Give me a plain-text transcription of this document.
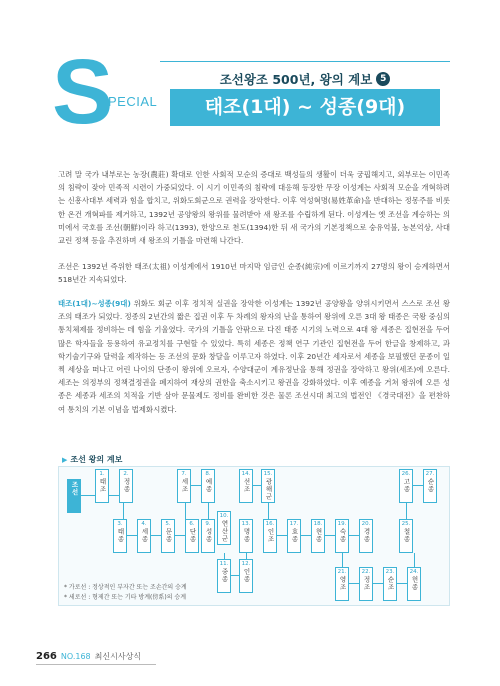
S
PECIAL
조선왕조 500년, 왕의 계보 5
태조(1대) ~ 성종(9대)

고려 말 국가 내부로는 농장(農莊) 확대로 인한 사회적 모순의 증대로 백성들의 생활이 더욱 궁핍해지고, 외부로는 이민족의 침략이 잦아 민족적 시련이 가중되었다. 이 시기 이민족의 침략에 대응해 등장한 무장 이성계는 사회적 모순을 개혁하려는 신흥사대부 세력과 힘을 합치고, 위화도회군으로 권력을 장악한다. 이후 역성혁명(易姓革命)을 반대하는 정몽주를 비롯한 온건 개혁파를 제거하고, 1392년 공양왕의 왕위를 물려받아 새 왕조를 수립하게 된다. 이성계는 옛 조선을 계승하는 의미에서 국호를 조선(朝鮮)이라 하고(1393), 한양으로 천도(1394)한 뒤 새 국가의 기본정책으로 숭유억불, 농본억상, 사대교린 정책 등을 추진하며 새 왕조의 기틀을 마련해 나간다.

조선은 1392년 즉위한 태조(太祖) 이성계에서 1910년 마지막 임금인 순종(純宗)에 이르기까지 27명의 왕이 승계하면서 518년간 지속되었다.

태조(1대)~성종(9대) 위화도 회군 이후 정치적 실권을 장악한 이성계는 1392년 공양왕을 양위시키면서 스스로 조선 왕조의 태조가 되었다. 정종의 2년간의 짧은 집권 이후 두 차례의 왕자의 난을 통하여 왕위에 오른 3대 왕 태종은 국왕 중심의 통치체제를 정비하는 데 힘을 기울였다. 국가의 기틀을 안팎으로 다진 태종 시기의 노력으로 4대 왕 세종은 집현전을 두어 많은 학자들을 등용하여 유교정치를 구현할 수 있었다. 특히 세종은 정책 연구 기관인 집현전을 두어 한글을 창제하고, 과학기술기구와 달력을 제작하는 등 조선의 문화 창달을 이루고자 하였다. 이후 20년간 세자로서 세종을 보필했던 문종이 일찍 세상을 떠나고 어린 나이의 단종이 왕위에 오르자, 수양대군이 계유정난을 통해 정권을 장악하고 왕위(세조)에 오른다. 세조는 의정부의 정책결정권을 폐지하여 재상의 권한을 축소시키고 왕권을 강화하였다. 이후 예종을 거쳐 왕위에 오른 성종은 세종과 세조의 치적을 기반 삼아 문물제도 정비를 완비한 것은 물론 조선시대 최고의 법전인 《경국대전》을 편찬하여 통치의 기본 이념을 법제화시켰다.

▶ 조선 왕의 계보
조선
1.
태조
2.
정종
3.
태종
4.
세종
5.
문종
6.
단종
7.
세조
8.
예종
9.
성종
10.
연산군
11.
중종
12.
인종
13.
명종
14.
선조
15.
광해군
16.
인조
17.
효종
18.
현종
19.
숙종
20.
경종
21.
영조
22.
정조
23.
순조
24.
헌종
25.
철종
26.
고종
27.
순종
* 가로선 : 정상적인 부자간 또는 조손간의 승계
* 세로선 : 형제간 또는 기타 방계(傍系)의 승계
266 NO.168 최신시사상식
